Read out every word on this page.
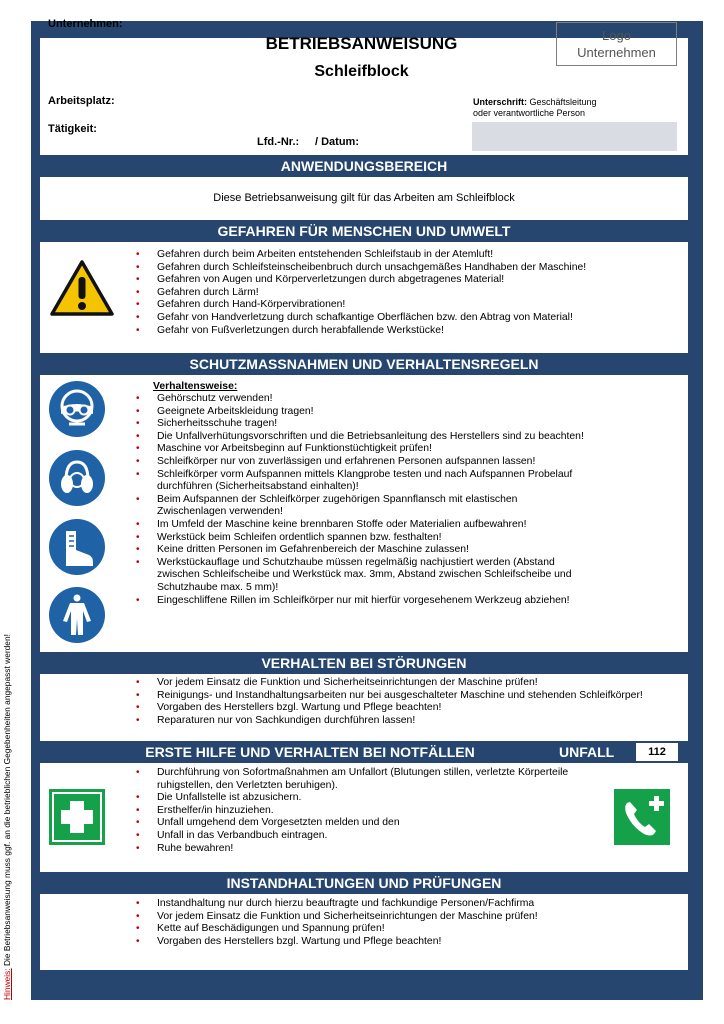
Hinweis: Die Betriebsanweisung muss ggf. an die betrieblichen Gegebenheiten angepasst werden!
Unternehmen:
BETRIEBSANWEISUNG
Schleifblock
Logo
Unternehmen
Arbeitsplatz:	Unterschrift: Geschäftsleitung
oder verantwortliche Person
Tätigkeit:
Lfd.-Nr.: / Datum:
ANWENDUNGSBEREICH
Diese Betriebsanweisung gilt für das Arbeiten am Schleifblock
GEFAHREN FÜR MENSCHEN UND UMWELT
• Gefahren durch beim Arbeiten entstehenden Schleifstaub in der Atemluft!
• Gefahren durch Schleifsteinscheibenbruch durch unsachgemäßes Handhaben der Maschine!
• Gefahren von Augen und Körperverletzungen durch abgetragenes Material!
• Gefahren durch Lärm!
• Gefahren durch Hand-Körpervibrationen!
• Gefahr von Handverletzung durch schafkantige Oberflächen bzw. den Abtrag von Material!
• Gefahr von Fußverletzungen durch herabfallende Werkstücke!
SCHUTZMASSNAHMEN UND VERHALTENSREGELN
Verhaltensweise:
• Gehörschutz verwenden!
• Geeignete Arbeitskleidung tragen!
• Sicherheitsschuhe tragen!
• Die Unfallverhütungsvorschriften und die Betriebsanleitung des Herstellers sind zu beachten!
• Maschine vor Arbeitsbeginn auf Funktionstüchtigkeit prüfen!
• Schleifkörper nur von zuverlässigen und erfahrenen Personen aufspannen lassen!
• Schleifkörper vorm Aufspannen mittels Klangprobe testen und nach Aufspannen Probelauf durchführen (Sicherheitsabstand einhalten)!
• Beim Aufspannen der Schleifkörper zugehörigen Spannflansch mit elastischen Zwischenlagen verwenden!
• Im Umfeld der Maschine keine brennbaren Stoffe oder Materialien aufbewahren!
• Werkstück beim Schleifen ordentlich spannen bzw. festhalten!
• Keine dritten Personen im Gefahrenbereich der Maschine zulassen!
• Werkstückauflage und Schutzhaube müssen regelmäßig nachjustiert werden (Abstand zwischen Schleifscheibe und Werkstück max. 3mm, Abstand zwischen Schleifscheibe und Schutzhaube max. 5 mm)!
• Eingeschliffene Rillen im Schleifkörper nur mit hierfür vorgesehenem Werkzeug abziehen!
VERHALTEN BEI STÖRUNGEN
• Vor jedem Einsatz die Funktion und Sicherheitseinrichtungen der Maschine prüfen!
• Reinigungs- und Instandhaltungsarbeiten nur bei ausgeschalteter Maschine und stehenden Schleifkörper!
• Vorgaben des Herstellers bzgl. Wartung und Pflege beachten!
• Reparaturen nur von Sachkundigen durchführen lassen!
ERSTE HILFE UND VERHALTEN BEI NOTFÄLLEN	UNFALL	112
• Durchführung von Sofortmaßnahmen am Unfallort (Blutungen stillen, verletzte Körperteile ruhigstellen, den Verletzten beruhigen).
• Die Unfallstelle ist abzusichern.
• Ersthelfer/in hinzuziehen.
• Unfall umgehend dem Vorgesetzten melden und den
• Unfall in das Verbandbuch eintragen.
• Ruhe bewahren!
INSTANDHALTUNGEN UND PRÜFUNGEN
• Instandhaltung nur durch hierzu beauftragte und fachkundige Personen/Fachfirma
• Vor jedem Einsatz die Funktion und Sicherheitseinrichtungen der Maschine prüfen!
• Kette auf Beschädigungen und Spannung prüfen!
• Vorgaben des Herstellers bzgl. Wartung und Pflege beachten!
